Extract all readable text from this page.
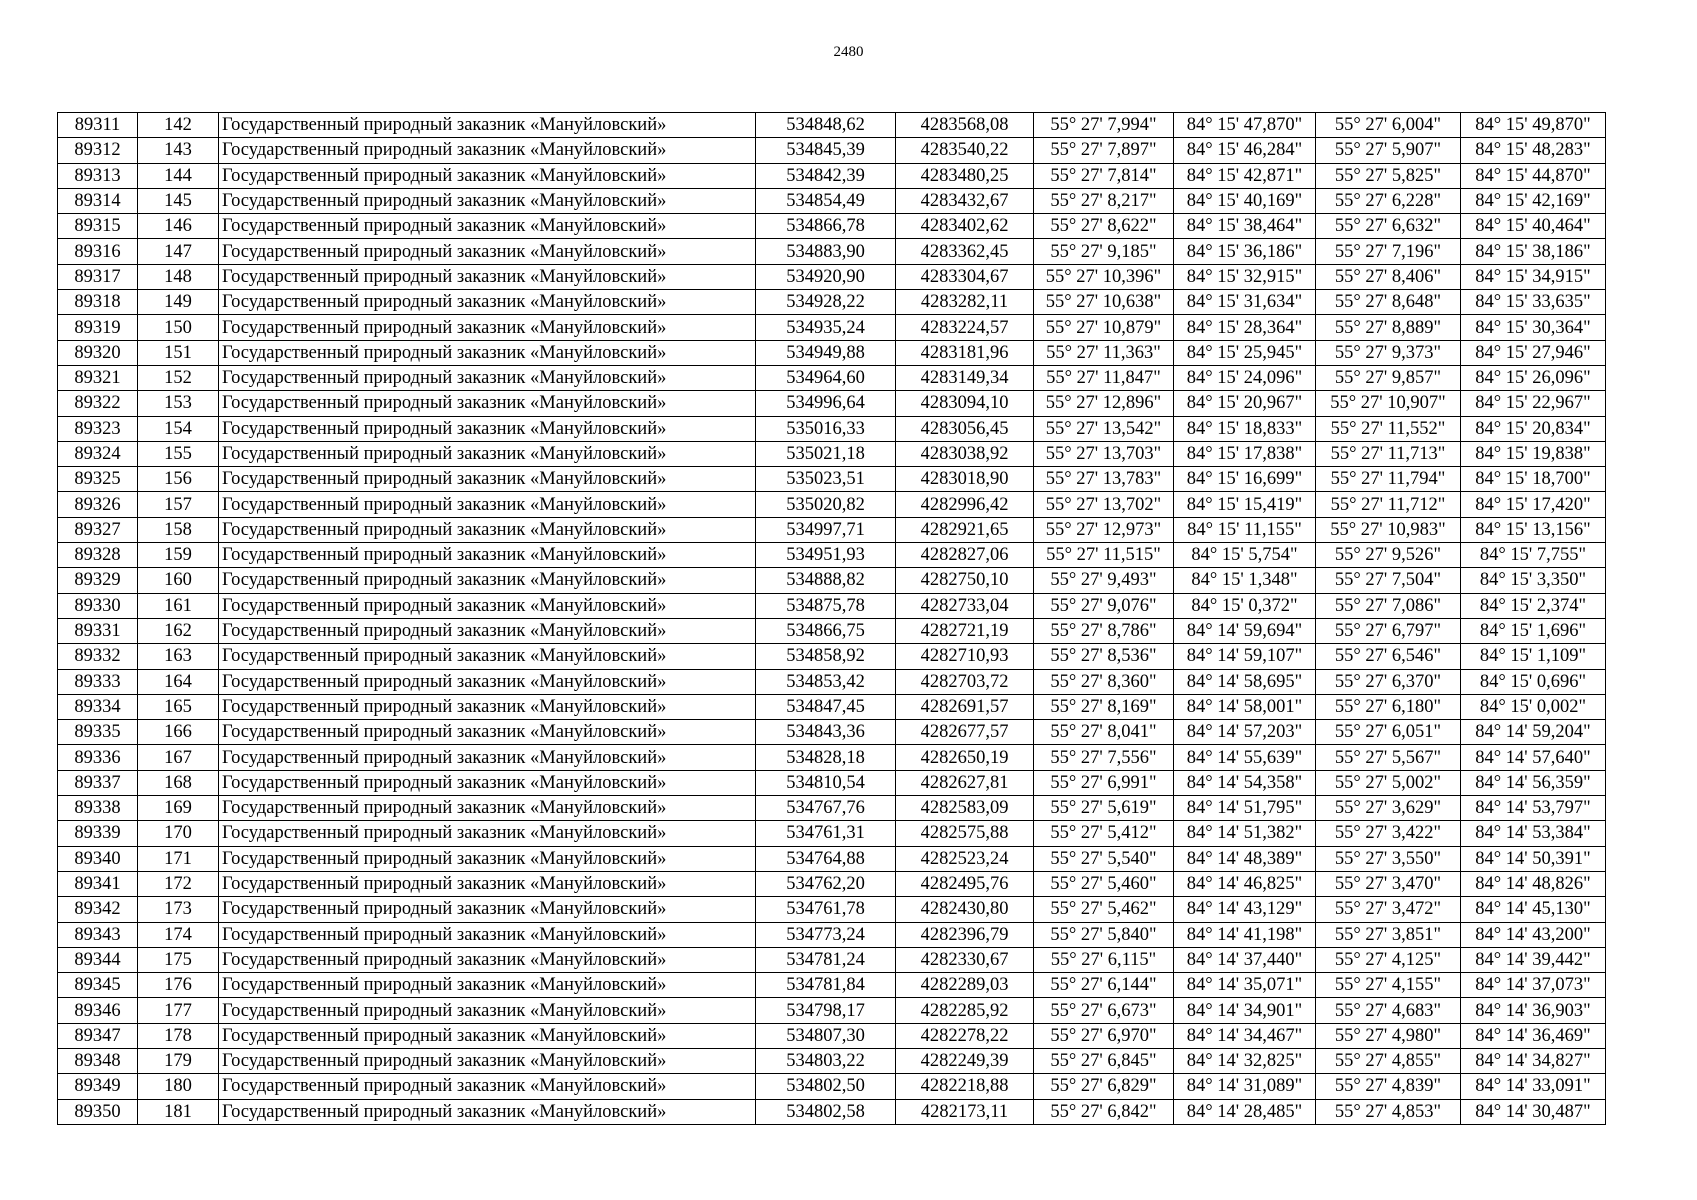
2480
89311	142	Государственный природный заказник «Мануйловский»	534848,62	4283568,08	55° 27' 7,994"	84° 15' 47,870"	55° 27' 6,004"	84° 15' 49,870"
89312	143	Государственный природный заказник «Мануйловский»	534845,39	4283540,22	55° 27' 7,897"	84° 15' 46,284"	55° 27' 5,907"	84° 15' 48,283"
89313	144	Государственный природный заказник «Мануйловский»	534842,39	4283480,25	55° 27' 7,814"	84° 15' 42,871"	55° 27' 5,825"	84° 15' 44,870"
89314	145	Государственный природный заказник «Мануйловский»	534854,49	4283432,67	55° 27' 8,217"	84° 15' 40,169"	55° 27' 6,228"	84° 15' 42,169"
89315	146	Государственный природный заказник «Мануйловский»	534866,78	4283402,62	55° 27' 8,622"	84° 15' 38,464"	55° 27' 6,632"	84° 15' 40,464"
89316	147	Государственный природный заказник «Мануйловский»	534883,90	4283362,45	55° 27' 9,185"	84° 15' 36,186"	55° 27' 7,196"	84° 15' 38,186"
89317	148	Государственный природный заказник «Мануйловский»	534920,90	4283304,67	55° 27' 10,396"	84° 15' 32,915"	55° 27' 8,406"	84° 15' 34,915"
89318	149	Государственный природный заказник «Мануйловский»	534928,22	4283282,11	55° 27' 10,638"	84° 15' 31,634"	55° 27' 8,648"	84° 15' 33,635"
89319	150	Государственный природный заказник «Мануйловский»	534935,24	4283224,57	55° 27' 10,879"	84° 15' 28,364"	55° 27' 8,889"	84° 15' 30,364"
89320	151	Государственный природный заказник «Мануйловский»	534949,88	4283181,96	55° 27' 11,363"	84° 15' 25,945"	55° 27' 9,373"	84° 15' 27,946"
89321	152	Государственный природный заказник «Мануйловский»	534964,60	4283149,34	55° 27' 11,847"	84° 15' 24,096"	55° 27' 9,857"	84° 15' 26,096"
89322	153	Государственный природный заказник «Мануйловский»	534996,64	4283094,10	55° 27' 12,896"	84° 15' 20,967"	55° 27' 10,907"	84° 15' 22,967"
89323	154	Государственный природный заказник «Мануйловский»	535016,33	4283056,45	55° 27' 13,542"	84° 15' 18,833"	55° 27' 11,552"	84° 15' 20,834"
89324	155	Государственный природный заказник «Мануйловский»	535021,18	4283038,92	55° 27' 13,703"	84° 15' 17,838"	55° 27' 11,713"	84° 15' 19,838"
89325	156	Государственный природный заказник «Мануйловский»	535023,51	4283018,90	55° 27' 13,783"	84° 15' 16,699"	55° 27' 11,794"	84° 15' 18,700"
89326	157	Государственный природный заказник «Мануйловский»	535020,82	4282996,42	55° 27' 13,702"	84° 15' 15,419"	55° 27' 11,712"	84° 15' 17,420"
89327	158	Государственный природный заказник «Мануйловский»	534997,71	4282921,65	55° 27' 12,973"	84° 15' 11,155"	55° 27' 10,983"	84° 15' 13,156"
89328	159	Государственный природный заказник «Мануйловский»	534951,93	4282827,06	55° 27' 11,515"	84° 15' 5,754"	55° 27' 9,526"	84° 15' 7,755"
89329	160	Государственный природный заказник «Мануйловский»	534888,82	4282750,10	55° 27' 9,493"	84° 15' 1,348"	55° 27' 7,504"	84° 15' 3,350"
89330	161	Государственный природный заказник «Мануйловский»	534875,78	4282733,04	55° 27' 9,076"	84° 15' 0,372"	55° 27' 7,086"	84° 15' 2,374"
89331	162	Государственный природный заказник «Мануйловский»	534866,75	4282721,19	55° 27' 8,786"	84° 14' 59,694"	55° 27' 6,797"	84° 15' 1,696"
89332	163	Государственный природный заказник «Мануйловский»	534858,92	4282710,93	55° 27' 8,536"	84° 14' 59,107"	55° 27' 6,546"	84° 15' 1,109"
89333	164	Государственный природный заказник «Мануйловский»	534853,42	4282703,72	55° 27' 8,360"	84° 14' 58,695"	55° 27' 6,370"	84° 15' 0,696"
89334	165	Государственный природный заказник «Мануйловский»	534847,45	4282691,57	55° 27' 8,169"	84° 14' 58,001"	55° 27' 6,180"	84° 15' 0,002"
89335	166	Государственный природный заказник «Мануйловский»	534843,36	4282677,57	55° 27' 8,041"	84° 14' 57,203"	55° 27' 6,051"	84° 14' 59,204"
89336	167	Государственный природный заказник «Мануйловский»	534828,18	4282650,19	55° 27' 7,556"	84° 14' 55,639"	55° 27' 5,567"	84° 14' 57,640"
89337	168	Государственный природный заказник «Мануйловский»	534810,54	4282627,81	55° 27' 6,991"	84° 14' 54,358"	55° 27' 5,002"	84° 14' 56,359"
89338	169	Государственный природный заказник «Мануйловский»	534767,76	4282583,09	55° 27' 5,619"	84° 14' 51,795"	55° 27' 3,629"	84° 14' 53,797"
89339	170	Государственный природный заказник «Мануйловский»	534761,31	4282575,88	55° 27' 5,412"	84° 14' 51,382"	55° 27' 3,422"	84° 14' 53,384"
89340	171	Государственный природный заказник «Мануйловский»	534764,88	4282523,24	55° 27' 5,540"	84° 14' 48,389"	55° 27' 3,550"	84° 14' 50,391"
89341	172	Государственный природный заказник «Мануйловский»	534762,20	4282495,76	55° 27' 5,460"	84° 14' 46,825"	55° 27' 3,470"	84° 14' 48,826"
89342	173	Государственный природный заказник «Мануйловский»	534761,78	4282430,80	55° 27' 5,462"	84° 14' 43,129"	55° 27' 3,472"	84° 14' 45,130"
89343	174	Государственный природный заказник «Мануйловский»	534773,24	4282396,79	55° 27' 5,840"	84° 14' 41,198"	55° 27' 3,851"	84° 14' 43,200"
89344	175	Государственный природный заказник «Мануйловский»	534781,24	4282330,67	55° 27' 6,115"	84° 14' 37,440"	55° 27' 4,125"	84° 14' 39,442"
89345	176	Государственный природный заказник «Мануйловский»	534781,84	4282289,03	55° 27' 6,144"	84° 14' 35,071"	55° 27' 4,155"	84° 14' 37,073"
89346	177	Государственный природный заказник «Мануйловский»	534798,17	4282285,92	55° 27' 6,673"	84° 14' 34,901"	55° 27' 4,683"	84° 14' 36,903"
89347	178	Государственный природный заказник «Мануйловский»	534807,30	4282278,22	55° 27' 6,970"	84° 14' 34,467"	55° 27' 4,980"	84° 14' 36,469"
89348	179	Государственный природный заказник «Мануйловский»	534803,22	4282249,39	55° 27' 6,845"	84° 14' 32,825"	55° 27' 4,855"	84° 14' 34,827"
89349	180	Государственный природный заказник «Мануйловский»	534802,50	4282218,88	55° 27' 6,829"	84° 14' 31,089"	55° 27' 4,839"	84° 14' 33,091"
89350	181	Государственный природный заказник «Мануйловский»	534802,58	4282173,11	55° 27' 6,842"	84° 14' 28,485"	55° 27' 4,853"	84° 14' 30,487"
